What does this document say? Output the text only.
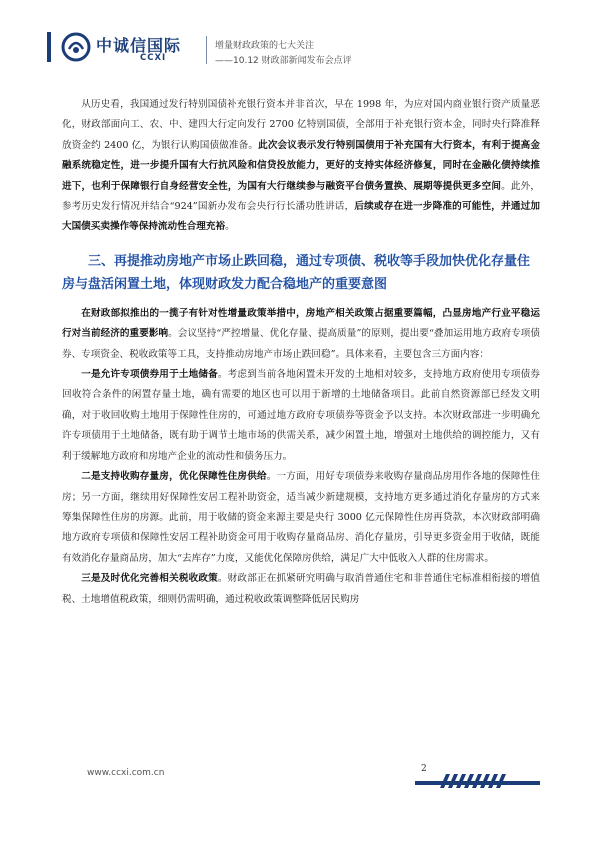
中诚信国际
CCXI
增量财政政策的七大关注
——10.12 财政部新闻发布会点评

从历史看，我国通过发行特别国债补充银行资本并非首次，早在 1998 年，为应对国内商业银行资产质量恶化，财政部面向工、农、中、建四大行定向发行 2700 亿特别国债，全部用于补充银行资本金，同时央行降准释放资金约 2400 亿，为银行认购国债做准备。此次会议表示发行特别国债用于补充国有大行资本，有利于提高金融系统稳定性，进一步提升国有大行抗风险和信贷投放能力，更好的支持实体经济修复，同时在金融化债持续推进下，也利于保障银行自身经营安全性，为国有大行继续参与融资平台债务置换、展期等提供更多空间。此外，参考历史发行情况并结合“924”国新办发布会央行行长潘功胜讲话，后续或存在进一步降准的可能性，并通过加大国债买卖操作等保持流动性合理充裕。

三、再提推动房地产市场止跌回稳，通过专项债、税收等手段加快优化存量住房与盘活闲置土地，体现财政发力配合稳地产的重要意图

在财政部拟推出的一揽子有针对性增量政策举措中，房地产相关政策占据重要篇幅，凸显房地产行业平稳运行对当前经济的重要影响。会议坚持“严控增量、优化存量、提高质量”的原则，提出要“叠加运用地方政府专项债券、专项资金、税收政策等工具，支持推动房地产市场止跌回稳”。具体来看，主要包含三方面内容：

一是允许专项债券用于土地储备。考虑到当前各地闲置未开发的土地相对较多，支持地方政府使用专项债券回收符合条件的闲置存量土地，确有需要的地区也可以用于新增的土地储备项目。此前自然资源部已经发文明确，对于收回收购土地用于保障性住房的，可通过地方政府专项债券等资金予以支持。本次财政部进一步明确允许专项债用于土地储备，既有助于调节土地市场的供需关系，减少闲置土地，增强对土地供给的调控能力，又有利于缓解地方政府和房地产企业的流动性和债务压力。

二是支持收购存量房，优化保障性住房供给。一方面，用好专项债券来收购存量商品房用作各地的保障性住房；另一方面，继续用好保障性安居工程补助资金，适当减少新建规模，支持地方更多通过消化存量房的方式来筹集保障性住房的房源。此前，用于收储的资金来源主要是央行 3000 亿元保障性住房再贷款，本次财政部明确地方政府专项债和保障性安居工程补助资金可用于收购存量商品房、消化存量房，引导更多资金用于收储，既能有效消化存量商品房，加大“去库存”力度，又能优化保障房供给，满足广大中低收入人群的住房需求。

三是及时优化完善相关税收政策。财政部正在抓紧研究明确与取消普通住宅和非普通住宅标准相衔接的增值税、土地增值税政策，细则仍需明确，通过税收政策调整降低居民购房

www.ccxi.com.cn	2
